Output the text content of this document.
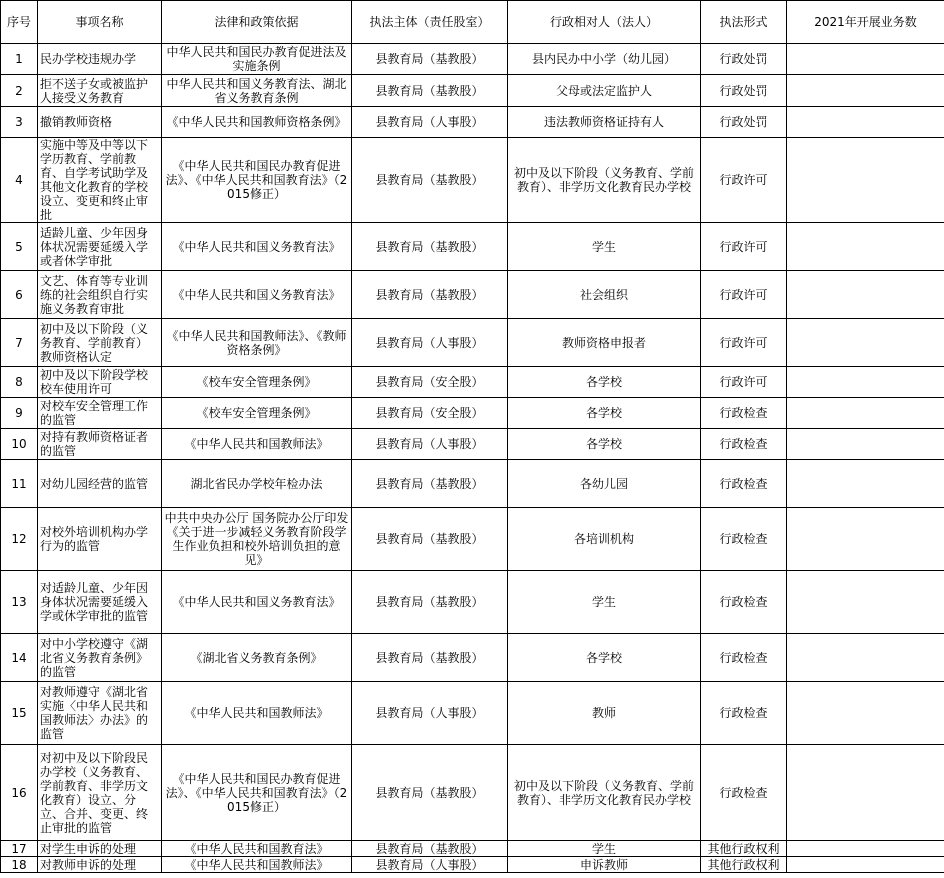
序号	事项名称	法律和政策依据	执法主体（责任股室）	行政相对人（法人）	执法形式	2021年开展业务数
1	民办学校违规办学	中华人民共和国民办教育促进法及实施条例	县教育局（基教股）	县内民办中小学（幼儿园）	行政处罚	
2	拒不送子女或被监护人接受义务教育	中华人民共和国义务教育法、湖北省义务教育条例	县教育局（基教股）	父母或法定监护人	行政处罚	
3	撤销教师资格	《中华人民共和国教师资格条例》	县教育局（人事股）	违法教师资格证持有人	行政处罚	
4	实施中等及中等以下学历教育、学前教育、自学考试助学及其他文化教育的学校设立、变更和终止审批	《中华人民共和国民办教育促进法》、《中华人民共和国教育法》（2015修正）	县教育局（基教股）	初中及以下阶段（义务教育、学前教育）、非学历文化教育民办学校	行政许可	
5	适龄儿童、少年因身体状况需要延缓入学或者休学审批	《中华人民共和国义务教育法》	县教育局（基教股）	学生	行政许可	
6	文艺、体育等专业训练的社会组织自行实施义务教育审批	《中华人民共和国义务教育法》	县教育局（基教股）	社会组织	行政许可	
7	初中及以下阶段（义务教育、学前教育）教师资格认定	《中华人民共和国教师法》、《教师资格条例》	县教育局（人事股）	教师资格申报者	行政许可	
8	初中及以下阶段学校校车使用许可	《校车安全管理条例》	县教育局（安全股）	各学校	行政许可	
9	对校车安全管理工作的监管	《校车安全管理条例》	县教育局（安全股）	各学校	行政检查	
10	对持有教师资格证者的监管	《中华人民共和国教师法》	县教育局（人事股）	各学校	行政检查	
11	对幼儿园经营的监管	湖北省民办学校年检办法	县教育局（基教股）	各幼儿园	行政检查	
12	对校外培训机构办学行为的监管	中共中央办公厅 国务院办公厅印发《关于进一步减轻义务教育阶段学生作业负担和校外培训负担的意见》	县教育局（基教股）	各培训机构	行政检查	
13	对适龄儿童、少年因身体状况需要延缓入学或休学审批的监管	《中华人民共和国义务教育法》	县教育局（基教股）	学生	行政检查	
14	对中小学校遵守《湖北省义务教育条例》的监管	《湖北省义务教育条例》	县教育局（基教股）	各学校	行政检查	
15	对教师遵守《湖北省实施〈中华人民共和国教师法〉办法》的监管	《中华人民共和国教师法》	县教育局（人事股）	教师	行政检查	
16	对初中及以下阶段民办学校（义务教育、学前教育、非学历文化教育）设立、分立、合并、变更、终止审批的监管	《中华人民共和国民办教育促进法》、《中华人民共和国教育法》（2015修正）	县教育局（基教股）	初中及以下阶段（义务教育、学前教育）、非学历文化教育民办学校	行政检查	
17	对学生申诉的处理	《中华人民共和国教育法》	县教育局（基教股）	学生	其他行政权利	
18	对教师申诉的处理	《中华人民共和国教师法》	县教育局（人事股）	申诉教师	其他行政权利	
